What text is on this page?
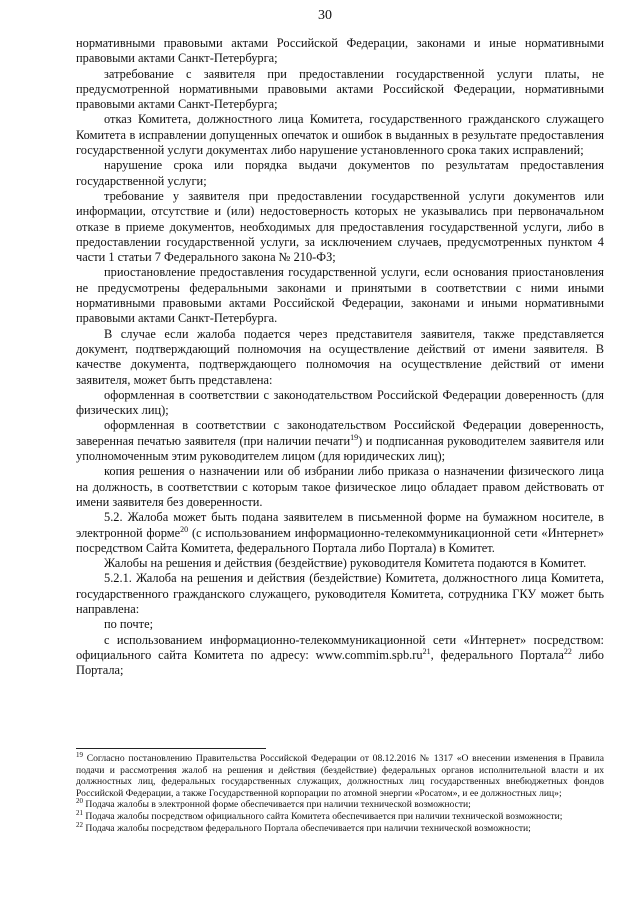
30

нормативными правовыми актами Российской Федерации, законами и иные нормативными правовыми актами Санкт-Петербурга;

затребование с заявителя при предоставлении государственной услуги платы, не предусмотренной нормативными правовыми актами Российской Федерации, нормативными правовыми актами Санкт-Петербурга;

отказ Комитета, должностного лица Комитета, государственного гражданского служащего Комитета в исправлении допущенных опечаток и ошибок в выданных в результате предоставления государственной услуги документах либо нарушение установленного срока таких исправлений;

нарушение срока или порядка выдачи документов по результатам предоставления государственной услуги;

требование у заявителя при предоставлении государственной услуги документов или информации, отсутствие и (или) недостоверность которых не указывались при первоначальном отказе в приеме документов, необходимых для предоставления государственной услуги, либо в предоставлении государственной услуги, за исключением случаев, предусмотренных пунктом 4 части 1 статьи 7 Федерального закона № 210-ФЗ;

приостановление предоставления государственной услуги, если основания приостановления не предусмотрены федеральными законами и принятыми в соответствии с ними иными нормативными правовыми актами Российской Федерации, законами и иными нормативными правовыми актами Санкт-Петербурга.

В случае если жалоба подается через представителя заявителя, также представляется документ, подтверждающий полномочия на осуществление действий от имени заявителя. В качестве документа, подтверждающего полномочия на осуществление действий от имени заявителя, может быть представлена:

оформленная в соответствии с законодательством Российской Федерации доверенность (для физических лиц);

оформленная в соответствии с законодательством Российской Федерации доверенность, заверенная печатью заявителя (при наличии печати$^{19}$) и подписанная руководителем заявителя или уполномоченным этим руководителем лицом (для юридических лиц);

копия решения о назначении или об избрании либо приказа о назначении физического лица на должность, в соответствии с которым такое физическое лицо обладает правом действовать от имени заявителя без доверенности.

5.2. Жалоба может быть подана заявителем в письменной форме на бумажном носителе, в электронной форме$^{20}$ (с использованием информационно-телекоммуникационной сети «Интернет» посредством Сайта Комитета, федерального Портала либо Портала) в Комитет.

Жалобы на решения и действия (бездействие) руководителя Комитета подаются в Комитет.

5.2.1. Жалоба на решения и действия (бездействие) Комитета, должностного лица Комитета, государственного гражданского служащего, руководителя Комитета, сотрудника ГКУ может быть направлена:

по почте;

с использованием информационно-телекоммуникационной сети «Интернет» посредством: официального сайта Комитета по адресу: $www.commim.spb.ru^{21}$, федерального Портала$^{22}$ либо Портала;

$^{19}$ Согласно постановлению Правительства Российской Федерации от 08.12.2016 № 1317 «О внесении изменения в Правила подачи и рассмотрения жалоб на решения и действия (бездействие) федеральных органов исполнительной власти и их должностных лиц, федеральных государственных служащих, должностных лиц государственных внебюджетных фондов Российской Федерации, а также Государственной корпорации по атомной энергии «Росатом», и ее должностных лиц»;

$^{20}$ Подача жалобы в электронной форме обеспечивается при наличии технической возможности;

$^{21}$ Подача жалобы посредством официального сайта Комитета обеспечивается при наличии технической возможности;

$^{22}$ Подача жалобы посредством федерального Портала обеспечивается при наличии технической возможности;
